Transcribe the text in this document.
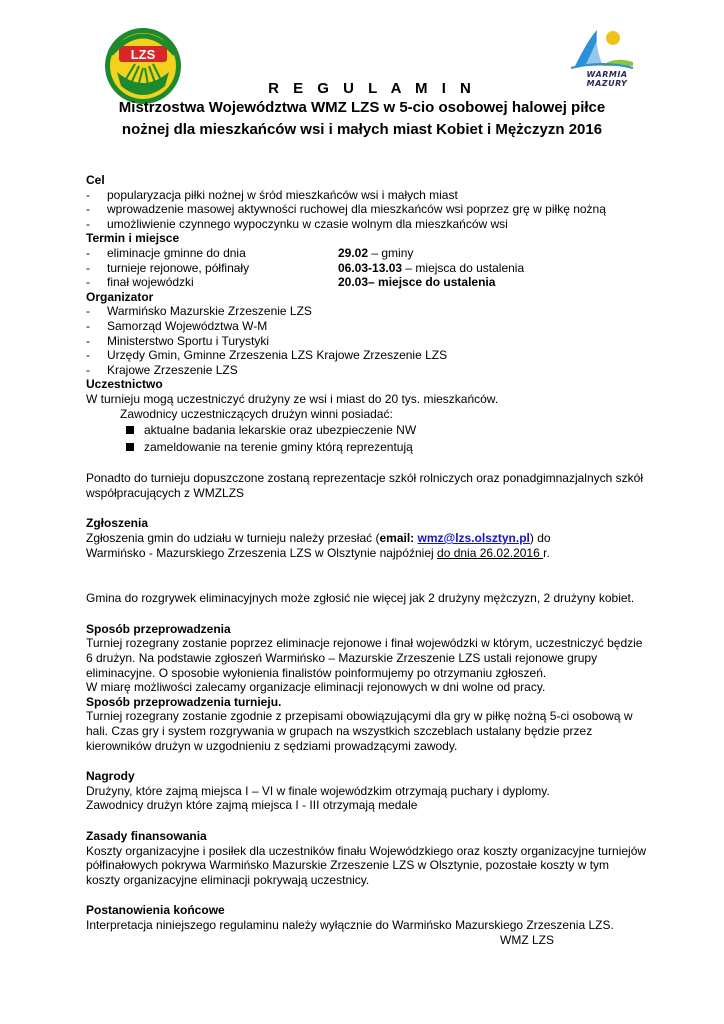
LZS
WARMIA
MAZURY
R E G U L A M I N
Mistrzostwa Województwa WMZ LZS w 5-cio osobowej halowej piłce
nożnej dla mieszkańców wsi i małych miast Kobiet i Mężczyzn 2016

Cel

-	popularyzacja piłki nożnej w śród mieszkańców wsi i małych miast
-	wprowadzenie masowej aktywności ruchowej dla mieszkańców wsi poprzez grę w piłkę nożną
-	umożliwienie czynnego wypoczynku w czasie wolnym dla mieszkańców wsi

Termin i miejsce

-	eliminacje gminne do dnia	29.02 – gminy
-	turnieje rejonowe, półfinały	06.03-13.03 – miejsca do ustalenia
-	finał wojewódzki	20.03– miejsce do ustalenia

Organizator

-	Warmińsko Mazurskie Zrzeszenie LZS
-	Samorząd Województwa W-M
-	Ministerstwo Sportu i Turystyki
-	Urzędy Gmin, Gminne Zrzeszenia LZS Krajowe Zrzeszenie LZS
-	Krajowe Zrzeszenie LZS

Uczestnictwo

W turnieju mogą uczestniczyć drużyny ze wsi i miast do 20 tys. mieszkańców.

Zawodnicy uczestniczących drużyn winni posiadać:

aktualne badania lekarskie oraz ubezpieczenie NW
zameldowanie na terenie gminy którą reprezentują

Ponadto do turnieju dopuszczone zostaną reprezentacje szkół rolniczych oraz ponadgimnazjalnych szkół

współpracujących z WMZLZS

Zgłoszenia

Zgłoszenia gmin do udziału w turnieju należy przesłać (email: wmz@lzs.olsztyn.pl) do

Warmińsko - Mazurskiego Zrzeszenia LZS w Olsztynie najpóźniej do dnia 26.02.2016 r.

Gmina do rozgrywek eliminacyjnych może zgłosić nie więcej jak 2 drużyny mężczyzn, 2 drużyny kobiet.

Sposób przeprowadzenia

Turniej rozegrany zostanie poprzez eliminacje rejonowe i finał wojewódzki w którym, uczestniczyć będzie

6 drużyn. Na podstawie zgłoszeń Warmińsko – Mazurskie Zrzeszenie LZS ustali rejonowe grupy

eliminacyjne. O sposobie wyłonienia finalistów poinformujemy po otrzymaniu zgłoszeń.

W miarę możliwości zalecamy organizacje eliminacji rejonowych w dni wolne od pracy.

Sposób przeprowadzenia turnieju.

Turniej rozegrany zostanie zgodnie z przepisami obowiązującymi dla gry w piłkę nożną 5-ci osobową w

hali. Czas gry i system rozgrywania w grupach na wszystkich szczeblach ustalany będzie przez

kierowników drużyn w uzgodnieniu z sędziami prowadzącymi zawody.

Nagrody

Drużyny, które zajmą miejsca I – VI w finale wojewódzkim otrzymają puchary i dyplomy.

Zawodnicy drużyn które zajmą miejsca I - III otrzymają medale

Zasady finansowania

Koszty organizacyjne i posiłek dla uczestników finału Wojewódzkiego oraz koszty organizacyjne turniejów

półfinałowych pokrywa Warmińsko Mazurskie Zrzeszenie LZS w Olsztynie, pozostałe koszty w tym

koszty organizacyjne eliminacji pokrywają uczestnicy.

Postanowienia końcowe

Interpretacja niniejszego regulaminu należy wyłącznie do Warmińsko Mazurskiego Zrzeszenia LZS.

WMZ LZS
